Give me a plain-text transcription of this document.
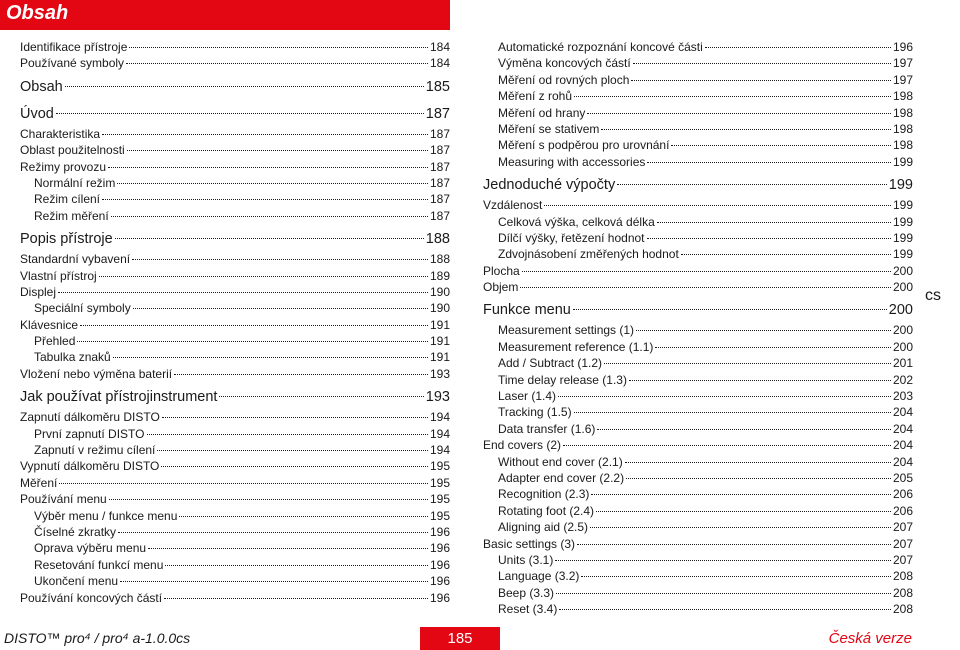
Obsah
Identifikace přístroje	184
Používané symboly	184
Obsah	185
Úvod	187
Charakteristika	187
Oblast použitelnosti	187
Režimy provozu	187
Normální režim	187
Režim cílení	187
Režim měření	187
Popis přístroje	188
Standardní vybavení	188
Vlastní přístroj	189
Displej	190
Speciální symboly	190
Klávesnice	191
Přehled	191
Tabulka znaků	191
Vložení nebo výměna baterií	193
Jak používat přístrojinstrument	193
Zapnutí dálkoměru DISTO	194
První zapnutí DISTO	194
Zapnutí v režimu cílení	194
Vypnutí dálkoměru DISTO	195
Měření	195
Používání menu	195
Výběr menu / funkce menu	195
Číselné zkratky	196
Oprava výběru menu	196
Resetování funkcí menu	196
Ukončení menu	196
Používání koncových částí	196
Automatické rozpoznání koncové části	196
Výměna koncových částí	197
Měření od rovných ploch	197
Měření z rohů	198
Měření od hrany	198
Měření se stativem	198
Měření s podpěrou pro urovnání	198
Measuring with accessories	199
Jednoduché výpočty	199
Vzdálenost	199
Celková výška, celková délka	199
Dílčí výšky, řetězení hodnot	199
Zdvojnásobení změřených hodnot	199
Plocha	200
Objem	200
Funkce menu	200
Measurement settings (1)	200
Measurement reference (1.1)	200
Add / Subtract (1.2)	201
Time delay release (1.3)	202
Laser (1.4)	203
Tracking (1.5)	204
Data transfer (1.6)	204
End covers (2)	204
Without end cover (2.1)	204
Adapter end cover (2.2)	205
Recognition (2.3)	206
Rotating foot (2.4)	206
Aligning aid (2.5)	207
Basic settings (3)	207
Units (3.1)	207
Language (3.2)	208
Beep (3.3)	208
Reset (3.4)	208
cs
DISTO™ pro⁴ / pro⁴ a-1.0.0cs	185	Česká verze
